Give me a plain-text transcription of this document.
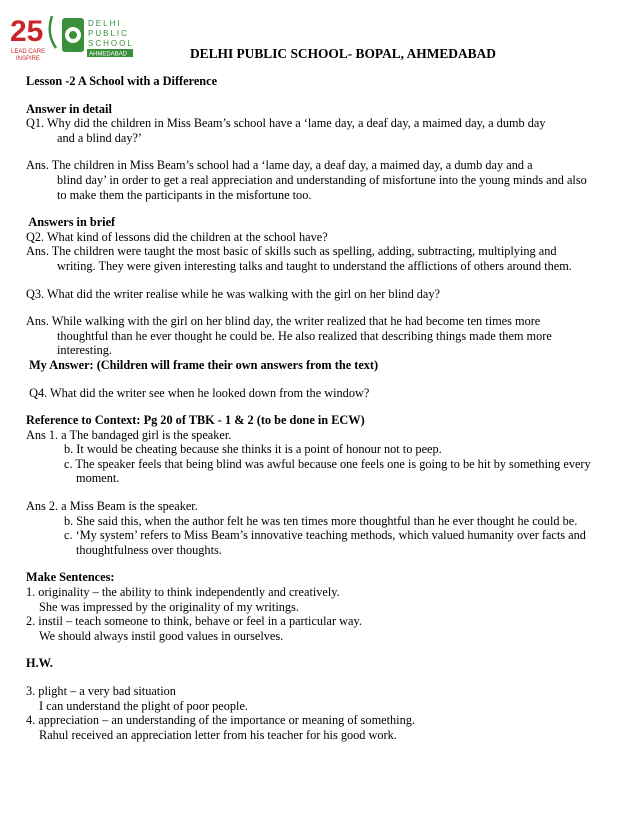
25
LEAD CARE
INSPIRE
DELHI
PUBLIC
SCHOOL
AHMEDABAD	DELHI PUBLIC SCHOOL- BOPAL, AHMEDABAD
Lesson -2 A School with a Difference
Answer in detail
Q1. Why did the children in Miss Beam’s school have a ‘lame day, a deaf day, a maimed day, a dumb day
and a blind day?’
Ans. The children in Miss Beam’s school had a ‘lame day, a deaf day, a maimed day, a dumb day and a
blind day’ in order to get a real appreciation and understanding of misfortune into the young minds and also
to make them the participants in the misfortune too.
Answers in brief
Q2. What kind of lessons did the children at the school have?
Ans. The children were taught the most basic of skills such as spelling, adding, subtracting, multiplying and
writing. They were given interesting talks and taught to understand the afflictions of others around them.
Q3. What did the writer realise while he was walking with the girl on her blind day?
Ans. While walking with the girl on her blind day, the writer realized that he had become ten times more
thoughtful than he ever thought he could be. He also realized that describing things made them more
interesting.
My Answer: (Children will frame their own answers from the text)
Q4. What did the writer see when he looked down from the window?
Reference to Context: Pg 20 of TBK - 1 & 2 (to be done in ECW)
Ans 1. a The bandaged girl is the speaker.
b. It would be cheating because she thinks it is a point of honour not to peep.
c. The speaker feels that being blind was awful because one feels one is going to be hit by something every
moment.
Ans 2. a Miss Beam is the speaker.
b. She said this, when the author felt he was ten times more thoughtful than he ever thought he could be.
c. ‘My system’ refers to Miss Beam’s innovative teaching methods, which valued humanity over facts and
thoughtfulness over thoughts.
Make Sentences:
1. originality – the ability to think independently and creatively.
She was impressed by the originality of my writings.
2. instil – teach someone to think, behave or feel in a particular way.
We should always instil good values in ourselves.
H.W.
3. plight – a very bad situation
I can understand the plight of poor people.
4. appreciation – an understanding of the importance or meaning of something.
Rahul received an appreciation letter from his teacher for his good work.
